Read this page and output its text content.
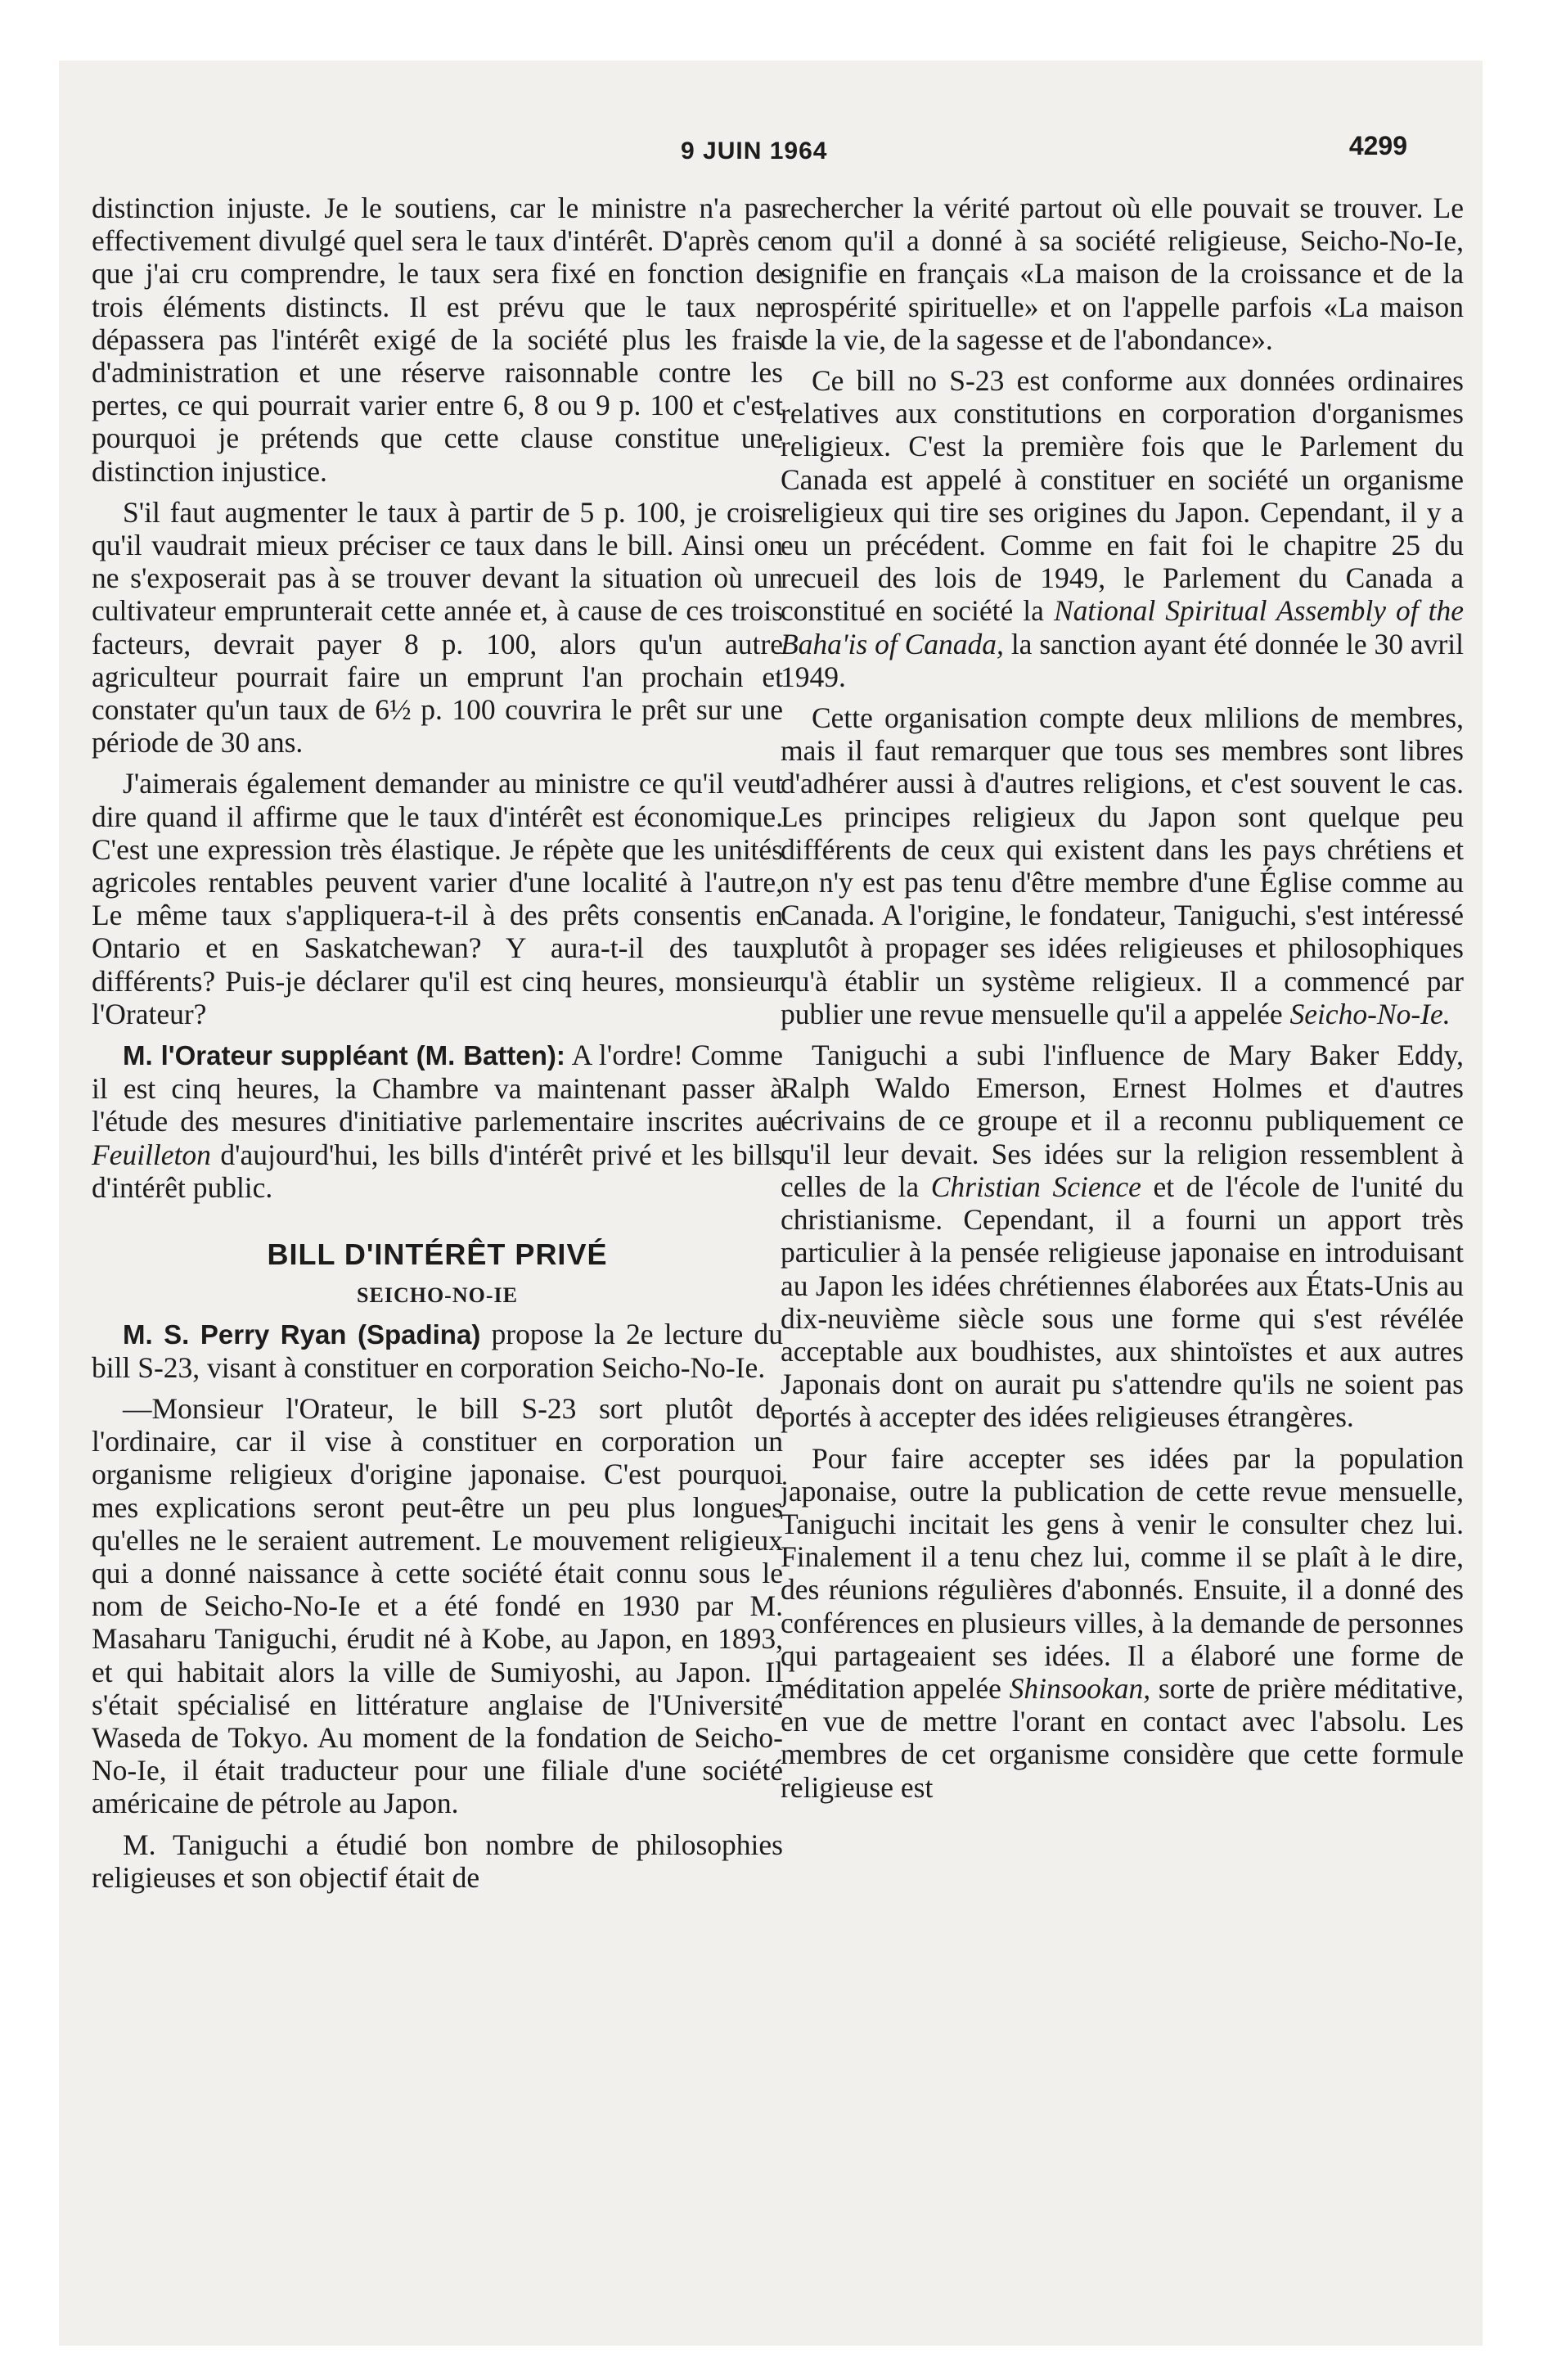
9 JUIN 1964	4299

distinction injuste. Je le soutiens, car le ministre n'a pas effectivement divulgé quel sera le taux d'intérêt. D'après ce que j'ai cru comprendre, le taux sera fixé en fonction de trois éléments distincts. Il est prévu que le taux ne dépassera pas l'intérêt exigé de la société plus les frais d'administration et une réserve raisonnable contre les pertes, ce qui pourrait varier entre 6, 8 ou 9 p. 100 et c'est pourquoi je prétends que cette clause constitue une distinction injustice.

S'il faut augmenter le taux à partir de 5 p. 100, je crois qu'il vaudrait mieux préciser ce taux dans le bill. Ainsi on ne s'exposerait pas à se trouver devant la situation où un cultivateur emprunterait cette année et, à cause de ces trois facteurs, devrait payer 8 p. 100, alors qu'un autre agriculteur pourrait faire un emprunt l'an prochain et constater qu'un taux de 6½ p. 100 couvrira le prêt sur une période de 30 ans.

J'aimerais également demander au ministre ce qu'il veut dire quand il affirme que le taux d'intérêt est économique. C'est une expression très élastique. Je répète que les unités agricoles rentables peuvent varier d'une localité à l'autre, Le même taux s'appliquera-t-il à des prêts consentis en Ontario et en Saskatchewan? Y aura-t-il des taux différents? Puis-je déclarer qu'il est cinq heures, monsieur l'Orateur?

M. l'Orateur suppléant (M. Batten): A l'ordre! Comme il est cinq heures, la Chambre va maintenant passer à l'étude des mesures d'initiative parlementaire inscrites au Feuilleton d'aujourd'hui, les bills d'intérêt privé et les bills d'intérêt public.

BILL D'INTÉRÊT PRIVÉ
SEICHO-NO-IE

M. S. Perry Ryan (Spadina) propose la 2e lecture du bill S-23, visant à constituer en corporation Seicho-No-Ie.

—Monsieur l'Orateur, le bill S-23 sort plutôt de l'ordinaire, car il vise à constituer en corporation un organisme religieux d'origine japonaise. C'est pourquoi mes explications seront peut-être un peu plus longues qu'elles ne le seraient autrement. Le mouvement religieux qui a donné naissance à cette société était connu sous le nom de Seicho-No-Ie et a été fondé en 1930 par M. Masaharu Taniguchi, érudit né à Kobe, au Japon, en 1893, et qui habitait alors la ville de Sumiyoshi, au Japon. Il s'était spécialisé en littérature anglaise de l'Université Waseda de Tokyo. Au moment de la fondation de Seicho-No-Ie, il était traducteur pour une filiale d'une société américaine de pétrole au Japon.

M. Taniguchi a étudié bon nombre de philosophies religieuses et son objectif était de

rechercher la vérité partout où elle pouvait se trouver. Le nom qu'il a donné à sa société religieuse, Seicho-No-Ie, signifie en français «La maison de la croissance et de la prospérité spirituelle» et on l'appelle parfois «La maison de la vie, de la sagesse et de l'abondance».

Ce bill no S-23 est conforme aux données ordinaires relatives aux constitutions en corporation d'organismes religieux. C'est la première fois que le Parlement du Canada est appelé à constituer en société un organisme religieux qui tire ses origines du Japon. Cependant, il y a eu un précédent. Comme en fait foi le chapitre 25 du recueil des lois de 1949, le Parlement du Canada a constitué en société la National Spiritual Assembly of the Baha'is of Canada, la sanction ayant été donnée le 30 avril 1949.

Cette organisation compte deux mlilions de membres, mais il faut remarquer que tous ses membres sont libres d'adhérer aussi à d'autres religions, et c'est souvent le cas. Les principes religieux du Japon sont quelque peu différents de ceux qui existent dans les pays chrétiens et on n'y est pas tenu d'être membre d'une Église comme au Canada. A l'origine, le fondateur, Taniguchi, s'est intéressé plutôt à propager ses idées religieuses et philosophiques qu'à établir un système religieux. Il a commencé par publier une revue mensuelle qu'il a appelée Seicho-No-Ie.

Taniguchi a subi l'influence de Mary Baker Eddy, Ralph Waldo Emerson, Ernest Holmes et d'autres écrivains de ce groupe et il a reconnu publiquement ce qu'il leur devait. Ses idées sur la religion ressemblent à celles de la Christian Science et de l'école de l'unité du christianisme. Cependant, il a fourni un apport très particulier à la pensée religieuse japonaise en introduisant au Japon les idées chrétiennes élaborées aux États-Unis au dix-neuvième siècle sous une forme qui s'est révélée acceptable aux boudhistes, aux shintoïstes et aux autres Japonais dont on aurait pu s'attendre qu'ils ne soient pas portés à accepter des idées religieuses étrangères.

Pour faire accepter ses idées par la population japonaise, outre la publication de cette revue mensuelle, Taniguchi incitait les gens à venir le consulter chez lui. Finalement il a tenu chez lui, comme il se plaît à le dire, des réunions régulières d'abonnés. Ensuite, il a donné des conférences en plusieurs villes, à la demande de personnes qui partageaient ses idées. Il a élaboré une forme de méditation appelée Shinsookan, sorte de prière méditative, en vue de mettre l'orant en contact avec l'absolu. Les membres de cet organisme considère que cette formule religieuse est
